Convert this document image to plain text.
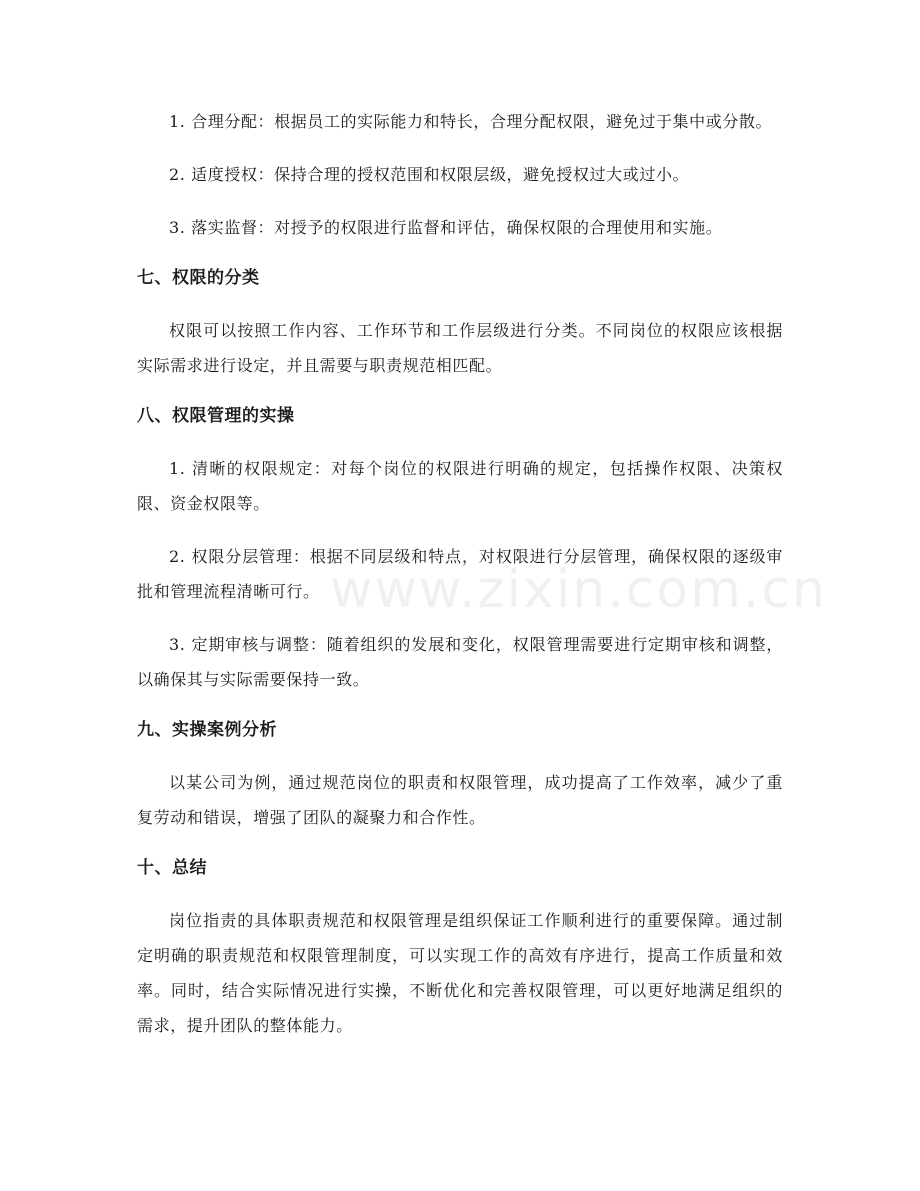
1. 合理分配：根据员工的实际能力和特长，合理分配权限，避免过于集中或分散。

2. 适度授权：保持合理的授权范围和权限层级，避免授权过大或过小。

3. 落实监督：对授予的权限进行监督和评估，确保权限的合理使用和实施。

七、权限的分类

权限可以按照工作内容、工作环节和工作层级进行分类。不同岗位的权限应该根据实际需求进行设定，并且需要与职责规范相匹配。

八、权限管理的实操

1. 清晰的权限规定：对每个岗位的权限进行明确的规定，包括操作权限、决策权限、资金权限等。

2. 权限分层管理：根据不同层级和特点，对权限进行分层管理，确保权限的逐级审批和管理流程清晰可行。

3. 定期审核与调整：随着组织的发展和变化，权限管理需要进行定期审核和调整，以确保其与实际需要保持一致。

九、实操案例分析

以某公司为例，通过规范岗位的职责和权限管理，成功提高了工作效率，减少了重复劳动和错误，增强了团队的凝聚力和合作性。

十、总结

岗位指责的具体职责规范和权限管理是组织保证工作顺利进行的重要保障。通过制定明确的职责规范和权限管理制度，可以实现工作的高效有序进行，提高工作质量和效率。同时，结合实际情况进行实操，不断优化和完善权限管理，可以更好地满足组织的需求，提升团队的整体能力。

www.zixin.com.cn
